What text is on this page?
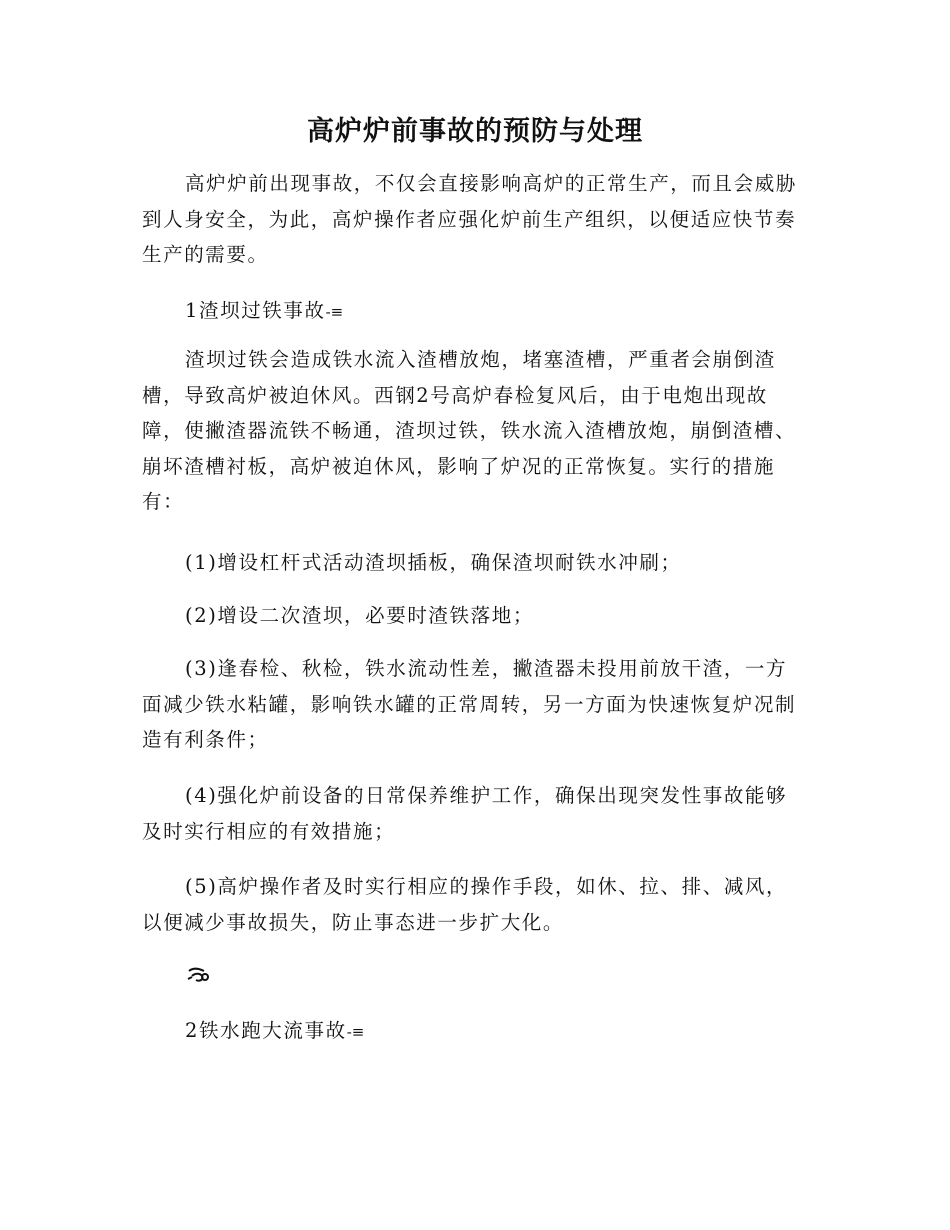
高炉炉前事故的预防与处理

高炉炉前出现事故，不仅会直接影响高炉的正常生产，而且会威胁到人身安全，为此，高炉操作者应强化炉前生产组织，以便适应快节奏生产的需要。

1渣坝过铁事故-≡

渣坝过铁会造成铁水流入渣槽放炮，堵塞渣槽，严重者会崩倒渣槽，导致高炉被迫休风。西钢2号高炉春检复风后，由于电炮出现故障，使撇渣器流铁不畅通，渣坝过铁，铁水流入渣槽放炮，崩倒渣槽、崩坏渣槽衬板，高炉被迫休风，影响了炉况的正常恢复。实行的措施有：

(1)增设杠杆式活动渣坝插板，确保渣坝耐铁水冲刷；

(2)增设二次渣坝，必要时渣铁落地；

(3)逢春检、秋检，铁水流动性差，撇渣器未投用前放干渣，一方面减少铁水粘罐，影响铁水罐的正常周转，另一方面为快速恢复炉况制造有利条件；

(4)强化炉前设备的日常保养维护工作，确保出现突发性事故能够及时实行相应的有效措施；

(5)高炉操作者及时实行相应的操作手段，如休、拉、排、减风，以便减少事故损失，防止事态进一步扩大化。

2铁水跑大流事故-≡
